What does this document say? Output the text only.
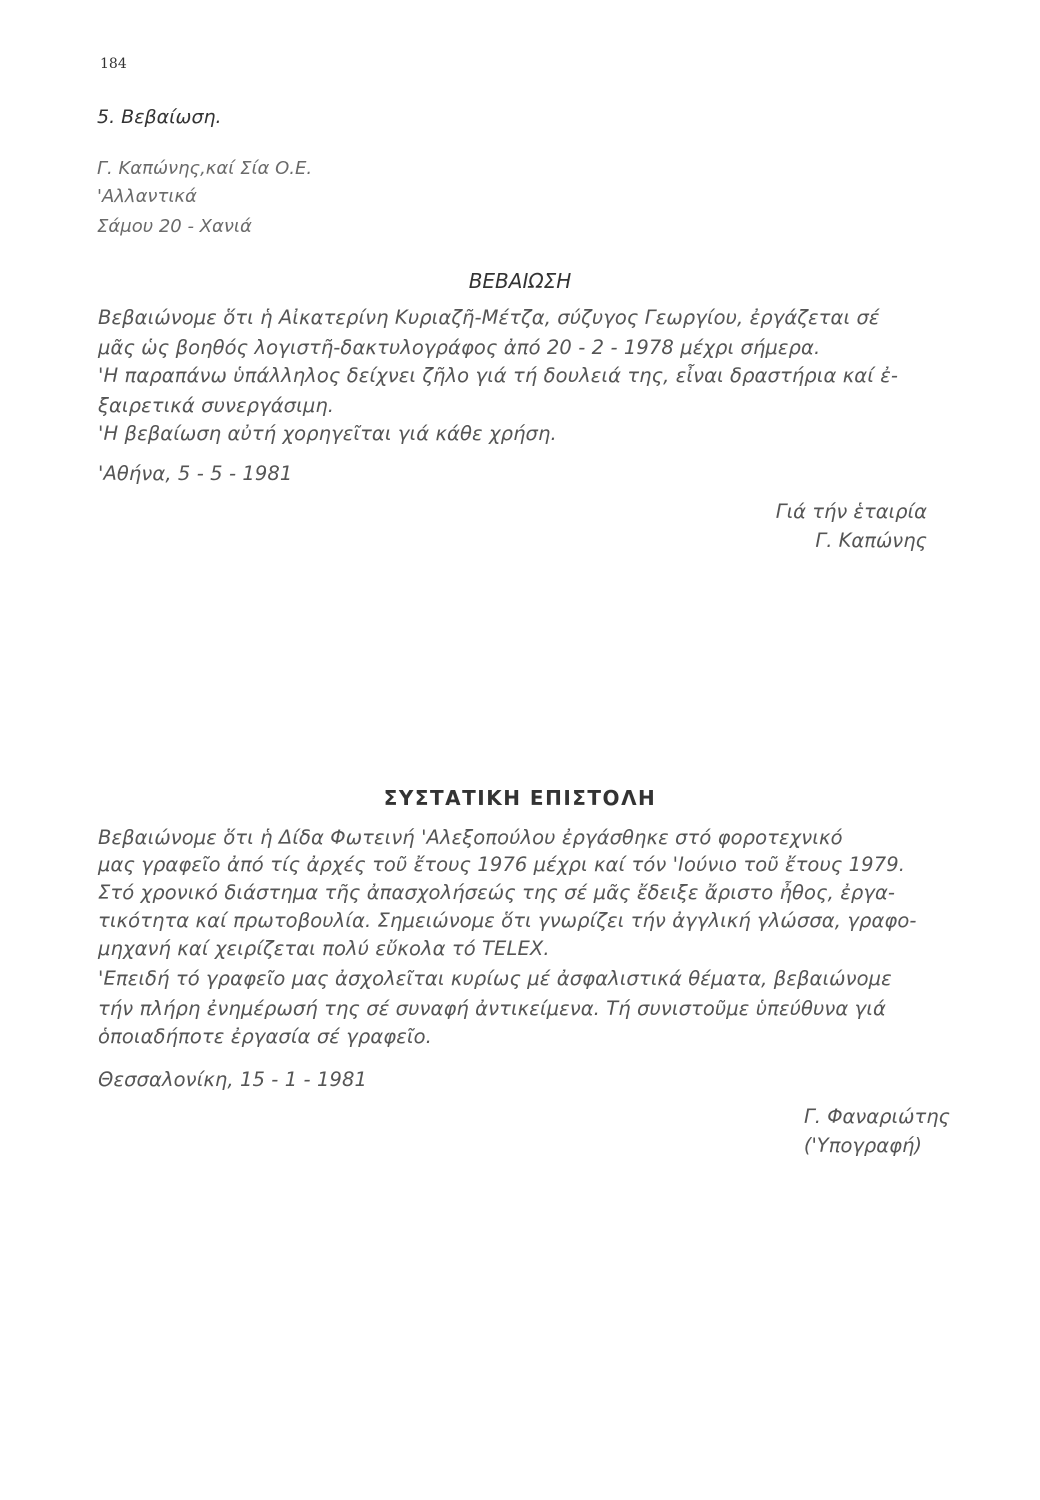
184
5. Βεβαίωση.
Γ. Καπώνης,καί Σία Ο.Ε.
'Αλλαντικά
Σάμου 20 - Χανιά
ΒΕΒΑΙΩΣΗ
Βεβαιώνομε ὅτι ἡ Αἰκατερίνη Κυριαζῆ-Μέτζα, σύζυγος Γεωργίου, ἐργάζεται σέ
μᾶς ὡς βοηθός λογιστῆ-δακτυλογράφος ἀπό 20 - 2 - 1978 μέχρι σήμερα.
'Η παραπάνω ὑπάλληλος δείχνει ζῆλο γιά τή δουλειά της, εἶναι δραστήρια καί ἐ-
ξαιρετικά συνεργάσιμη.
'Η βεβαίωση αὐτή χορηγεῖται γιά κάθε χρήση.
'Αθήνα, 5 - 5 - 1981
Γιά τήν ἑταιρία
Γ. Καπώνης
ΣΥΣΤΑΤΙΚΗ ΕΠΙΣΤΟΛΗ
Βεβαιώνομε ὅτι ἡ Δίδα Φωτεινή 'Αλεξοπούλου ἐργάσθηκε στό φοροτεχνικό
μας γραφεῖο ἀπό τίς ἀρχές τοῦ ἔτους 1976 μέχρι καί τόν 'Ιούνιο τοῦ ἔτους 1979.
Στό χρονικό διάστημα τῆς ἀπασχολήσεώς της σέ μᾶς ἔδειξε ἄριστο ἦθος, ἐργα-
τικότητα καί πρωτοβουλία. Σημειώνομε ὅτι γνωρίζει τήν ἀγγλική γλώσσα, γραφο-
μηχανή καί χειρίζεται πολύ εὔκολα τό TELEX.
'Επειδή τό γραφεῖο μας ἀσχολεῖται κυρίως μέ ἀσφαλιστικά θέματα, βεβαιώνομε
τήν πλήρη ἐνημέρωσή της σέ συναφή ἀντικείμενα. Τή συνιστοῦμε ὑπεύθυνα γιά
ὁποιαδήποτε ἐργασία σέ γραφεῖο.
Θεσσαλονίκη, 15 - 1 - 1981
Γ. Φαναριώτης
('Υπογραφή)
